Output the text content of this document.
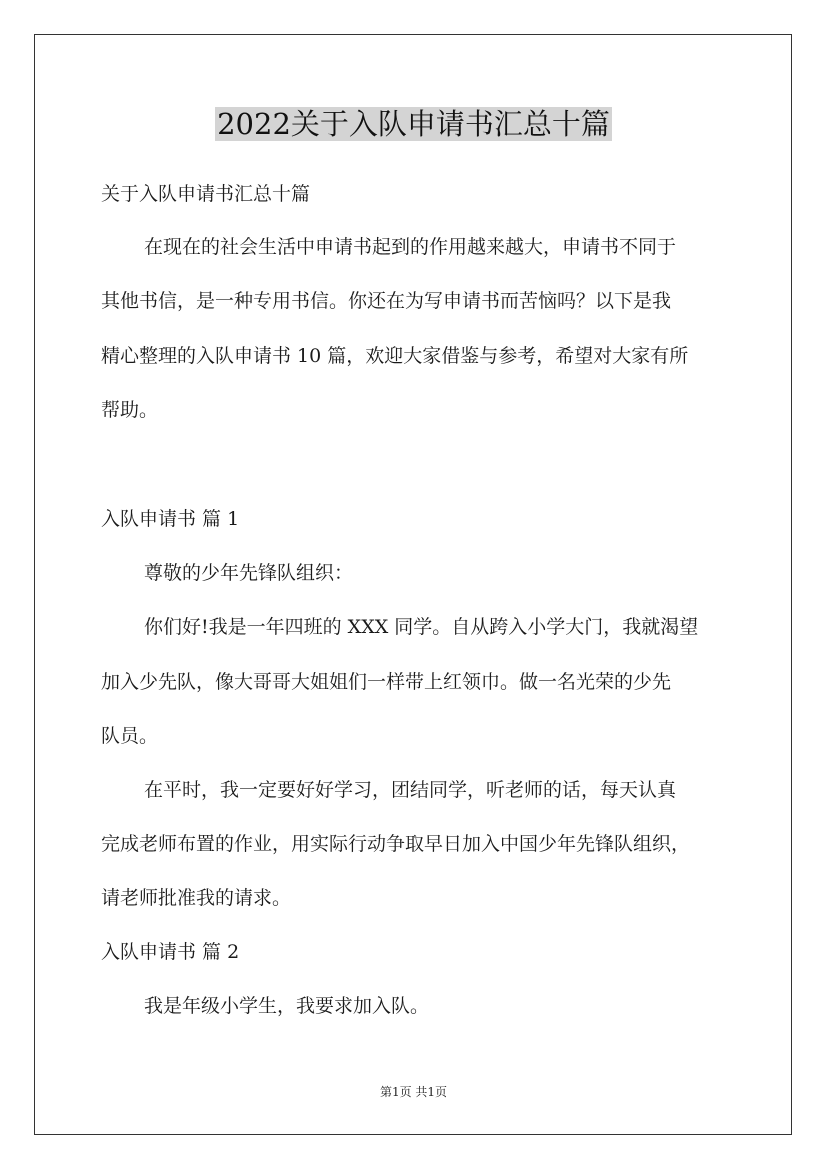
2022关于入队申请书汇总十篇
关于入队申请书汇总十篇
在现在的社会生活中申请书起到的作用越来越大，申请书不同于
其他书信，是一种专用书信。你还在为写申请书而苦恼吗？以下是我
精心整理的入队申请书 10 篇，欢迎大家借鉴与参考，希望对大家有所
帮助。
入队申请书 篇 1
尊敬的少年先锋队组织：
你们好!我是一年四班的 XXX 同学。自从跨入小学大门，我就渴望
加入少先队，像大哥哥大姐姐们一样带上红领巾。做一名光荣的少先
队员。
在平时，我一定要好好学习，团结同学，听老师的话，每天认真
完成老师布置的作业，用实际行动争取早日加入中国少年先锋队组织，
请老师批准我的请求。
入队申请书 篇 2
我是年级小学生，我要求加入队。
第1页 共1页
